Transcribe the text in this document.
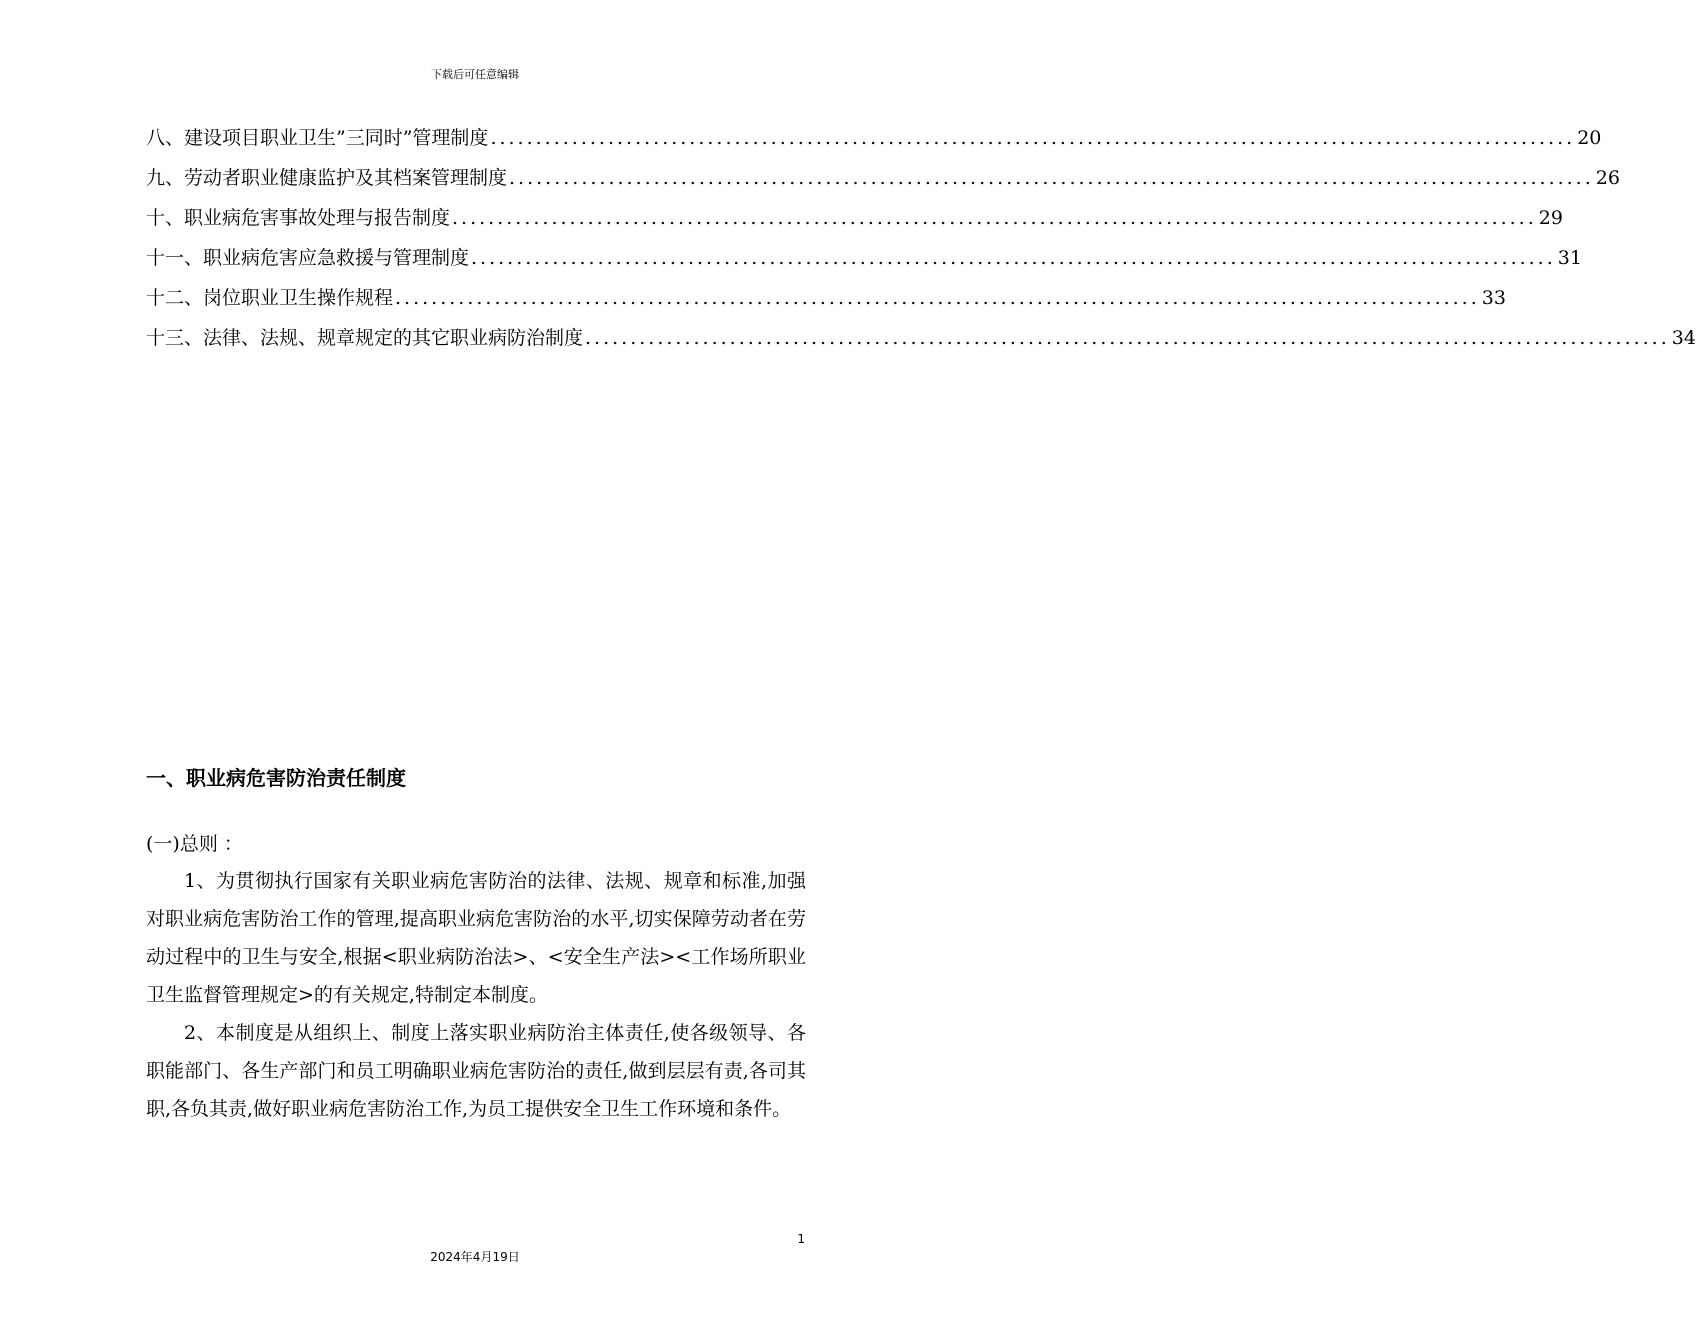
下载后可任意编辑
八、建设项目职业卫生”三同时”管理制度 ........................................................................................................................ 20
九、劳动者职业健康监护及其档案管理制度 ........................................................................................................................ 26
十、职业病危害事故处理与报告制度 ........................................................................................................................ 29
十一、职业病危害应急救援与管理制度 ........................................................................................................................ 31
十二、岗位职业卫生操作规程 ........................................................................................................................ 33
十三、法律、法规、规章规定的其它职业病防治制度 ........................................................................................................................ 34
一、职业病危害防治责任制度
(一)总则 ：

1、为贯彻执行国家有关职业病危害防治的法律、法规、规章和标准,加强对职业病危害防治工作的管理,提高职业病危害防治的水平,切实保障劳动者在劳动过程中的卫生与安全,根据<职业病防治法>、<安全生产法><工作场所职业卫生监督管理规定>的有关规定,特制定本制度。

2、本制度是从组织上、制度上落实职业病防治主体责任,使各级领导、各职能部门、各生产部门和员工明确职业病危害防治的责任,做到层层有责,各司其职,各负其责,做好职业病危害防治工作,为员工提供安全卫生工作环境和条件。

1
2024年4月19日
